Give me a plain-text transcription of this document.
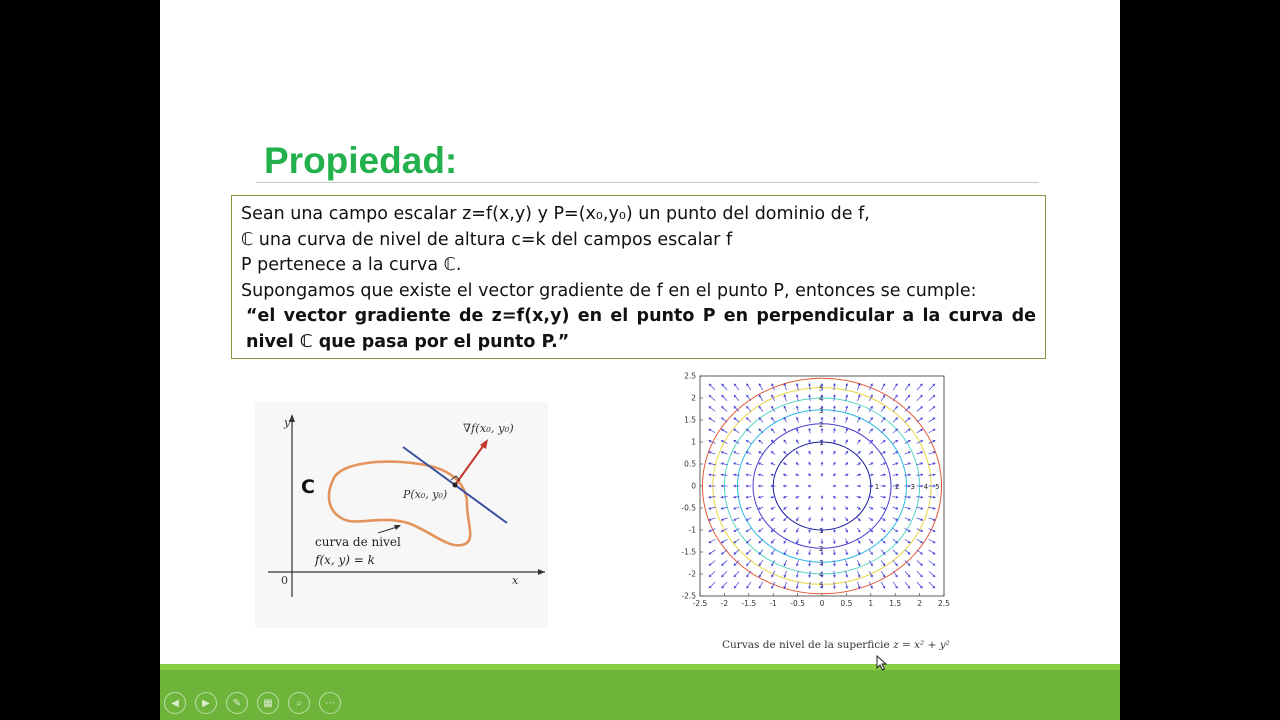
Propiedad:
Sean una campo escalar z=f(x,y) y P=(x₀,y₀) un punto del dominio de f,
ℂ una curva de nivel de altura c=k del campos escalar f
P pertenece a la curva ℂ.
Supongamos que existe el vector gradiente de f en el punto P, entonces se cumple:
“el vector gradiente de z=f(x,y) en el punto P en perpendicular a la curva de nivel ℂ que pasa por el punto P.”
y
x
0
C
∇f(x₀, y₀)
P(x₀, y₀)
curva de nivel
f(x, y) = k
-2.5
-2.5
-2
-2
-1.5
-1.5
-1
-1
-0.5
-0.5
0
0
0.5
0.5
1
1
1.5
1.5
2
2
2.5
2.5
1
1
1
2
2
2
3
3
3
4
4
4
5
5
5
Curvas de nivel de la superficie z = x² + y²
◀	▶	✎	▦	⌕	⋯
